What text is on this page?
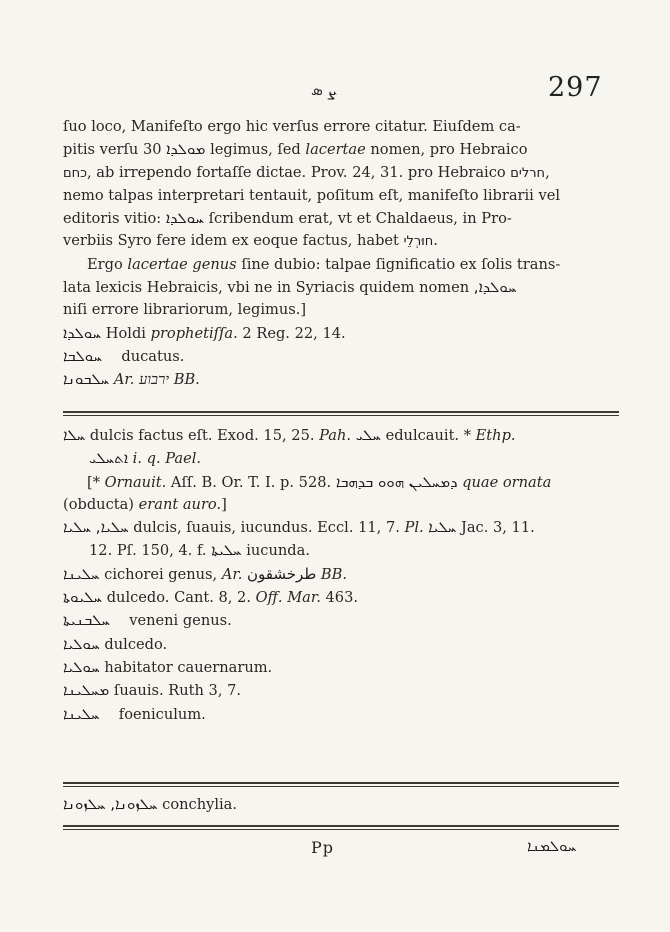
ܨ ܣ	297

ſuo loco, Manifeſto ergo hic verſus errore citatur. Eiuſdem ca-
pitis verſu 30 ܡܘܠܕܐ legimus, ſed lacertae nomen, pro Hebraico
כחם, ab irrependo fortaſſe dictae. Prov. 24, 31. pro Hebraico חרלים,
nemo talpas interpretari tentauit, poſitum eſt, manifeſto librarii vel
editoris vitio: ܚܘܠܕܐ ſcribendum erat, vt et Chaldaeus, in Pro-
verbiis Syro fere idem ex eoque factus, habet חוּרְלֵי.

Ergo lacertae genus ſine dubio: talpae ſignificatio ex ſolis trans-
lata lexicis Hebraicis, vbi ne in Syriacis quidem nomen ܚܘܠܕܐ,
niſi errore librariorum, legimus.]

ܚܘܠܕܐ Holdi prophetiſſa. 2 Reg. 22, 14.

ܚܘܠܒܐ ducatus.

ܚܠܒܘܢܐ Ar. ירבוע BB.

ܚܠܐ dulcis factus eſt. Exod. 15, 25. Pah. ܚܠܝ edulcauit. * Ethp.
ܐܬܚܠܝ i. q. Pael.

[* Ornauit. Aſſ. B. Or. T. I. p. 528. ܕܡܚܠܝܢ ܗܘܘ ܒܕܗܒܐ quae ornata
(obducta) erant auro.]

ܚܠܝܐ, ܚܠܝܐ dulcis, ſuauis, iucundus. Eccl. 11, 7. Pl. ܚܠܝܐ Jac. 3, 11.
12. Pſ. 150, 4. f. ܚܠܝܬܐ iucunda.

ܚܠܝܢܐ cichorei genus, Ar. طرخشقون BB.

ܚܠܝܘܬܐ dulcedo. Cant. 8, 2. Off. Mar. 463.

ܚܠܒܢܝܬܐ veneni genus.

ܚܘܠܝܐ dulcedo.

ܚܘܠܝܐ habitator cauernarum.

ܡܚܠܝܢܐ ſuauis. Ruth 3, 7.

ܚܠܝܢܐ foeniculum.

ܚܠܙܘܢܐ, ܚܠܙܘܢܐ conchylia.

Pp	ܚܘܠܡܢܐ
